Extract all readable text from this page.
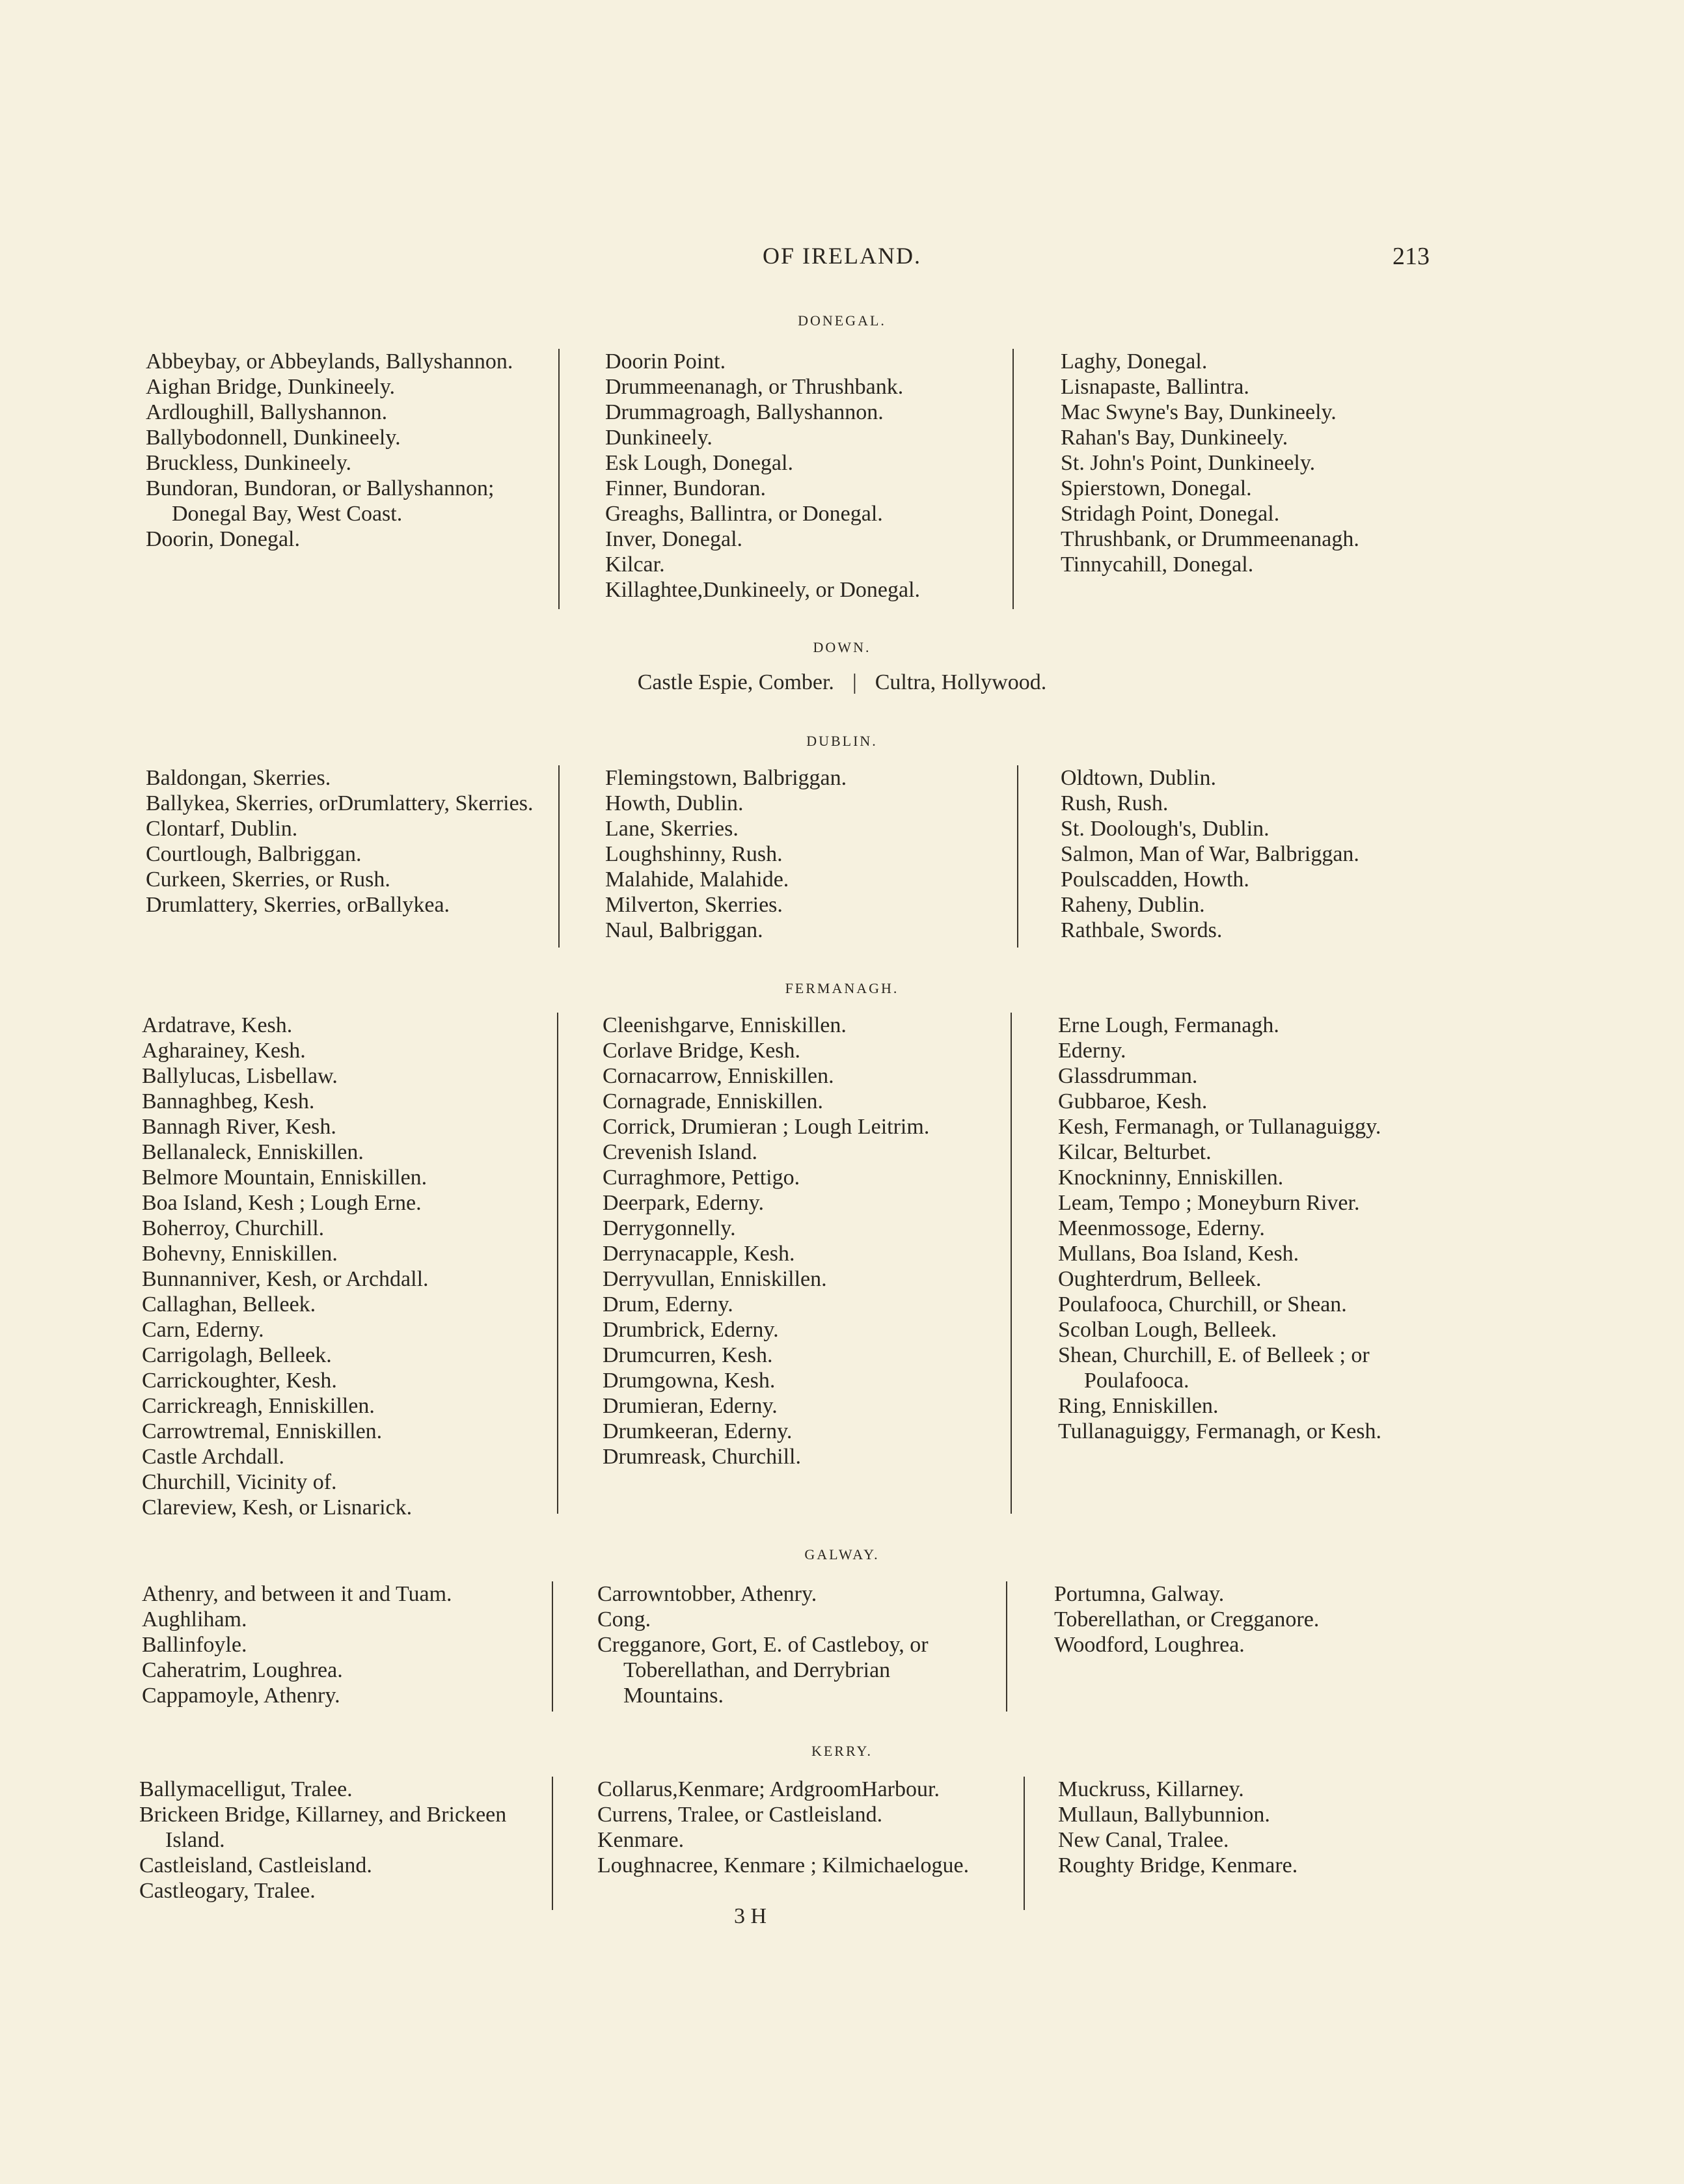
OF IRELAND.	213
DONEGAL.
Abbeybay, or Abbeylands, Ballyshannon.
Aighan Bridge, Dunkineely.
Ardloughill, Ballyshannon.
Ballybodonnell, Dunkineely.
Bruckless, Dunkineely.
Bundoran, Bundoran, or Ballyshannon; Donegal Bay, West Coast.
Doorin, Donegal.
Doorin Point.
Drummeenanagh, or Thrushbank.
Drummagroagh, Ballyshannon.
Dunkineely.
Esk Lough, Donegal.
Finner, Bundoran.
Greaghs, Ballintra, or Donegal.
Inver, Donegal.
Kilcar.
Killaghtee,Dunkineely, or Donegal.
Laghy, Donegal.
Lisnapaste, Ballintra.
Mac Swyne's Bay, Dunkineely.
Rahan's Bay, Dunkineely.
St. John's Point, Dunkineely.
Spierstown, Donegal.
Stridagh Point, Donegal.
Thrushbank, or Drummeenanagh.
Tinnycahill, Donegal.
DOWN.
Castle Espie, Comber. | Cultra, Hollywood.
DUBLIN.
Baldongan, Skerries.
Ballykea, Skerries, orDrumlattery, Skerries.
Clontarf, Dublin.
Courtlough, Balbriggan.
Curkeen, Skerries, or Rush.
Drumlattery, Skerries, orBallykea.
Flemingstown, Balbriggan.
Howth, Dublin.
Lane, Skerries.
Loughshinny, Rush.
Malahide, Malahide.
Milverton, Skerries.
Naul, Balbriggan.
Oldtown, Dublin.
Rush, Rush.
St. Doolough's, Dublin.
Salmon, Man of War, Balbriggan.
Poulscadden, Howth.
Raheny, Dublin.
Rathbale, Swords.
FERMANAGH.
Ardatrave, Kesh.
Agharainey, Kesh.
Ballylucas, Lisbellaw.
Bannaghbeg, Kesh.
Bannagh River, Kesh.
Bellanaleck, Enniskillen.
Belmore Mountain, Enniskillen.
Boa Island, Kesh ; Lough Erne.
Boherroy, Churchill.
Bohevny, Enniskillen.
Bunnanniver, Kesh, or Archdall.
Callaghan, Belleek.
Carn, Ederny.
Carrigolagh, Belleek.
Carrickoughter, Kesh.
Carrickreagh, Enniskillen.
Carrowtremal, Enniskillen.
Castle Archdall.
Churchill, Vicinity of.
Clareview, Kesh, or Lisnarick.
Cleenishgarve, Enniskillen.
Corlave Bridge, Kesh.
Cornacarrow, Enniskillen.
Cornagrade, Enniskillen.
Corrick, Drumieran ; Lough Leitrim.
Crevenish Island.
Curraghmore, Pettigo.
Deerpark, Ederny.
Derrygonnelly.
Derrynacapple, Kesh.
Derryvullan, Enniskillen.
Drum, Ederny.
Drumbrick, Ederny.
Drumcurren, Kesh.
Drumgowna, Kesh.
Drumieran, Ederny.
Drumkeeran, Ederny.
Drumreask, Churchill.
Erne Lough, Fermanagh.
Ederny.
Glassdrumman.
Gubbaroe, Kesh.
Kesh, Fermanagh, or Tullanaguiggy.
Kilcar, Belturbet.
Knockninny, Enniskillen.
Leam, Tempo ; Moneyburn River.
Meenmossoge, Ederny.
Mullans, Boa Island, Kesh.
Oughterdrum, Belleek.
Poulafooca, Churchill, or Shean.
Scolban Lough, Belleek.
Shean, Churchill, E. of Belleek ; or Poulafooca.
Ring, Enniskillen.
Tullanaguiggy, Fermanagh, or Kesh.
GALWAY.
Athenry, and between it and Tuam.
Aughliham.
Ballinfoyle.
Caheratrim, Loughrea.
Cappamoyle, Athenry.
Carrowntobber, Athenry.
Cong.
Cregganore, Gort, E. of Castleboy, or Toberellathan, and Derrybrian Mountains.
Portumna, Galway.
Toberellathan, or Cregganore.
Woodford, Loughrea.
KERRY.
Ballymacelligut, Tralee.
Brickeen Bridge, Killarney, and Brickeen Island.
Castleisland, Castleisland.
Castleogary, Tralee.
Collarus,Kenmare; ArdgroomHarbour.
Currens, Tralee, or Castleisland.
Kenmare.
Loughnacree, Kenmare ; Kilmichaelogue.
Muckruss, Killarney.
Mullaun, Ballybunnion.
New Canal, Tralee.
Roughty Bridge, Kenmare.
3 H
